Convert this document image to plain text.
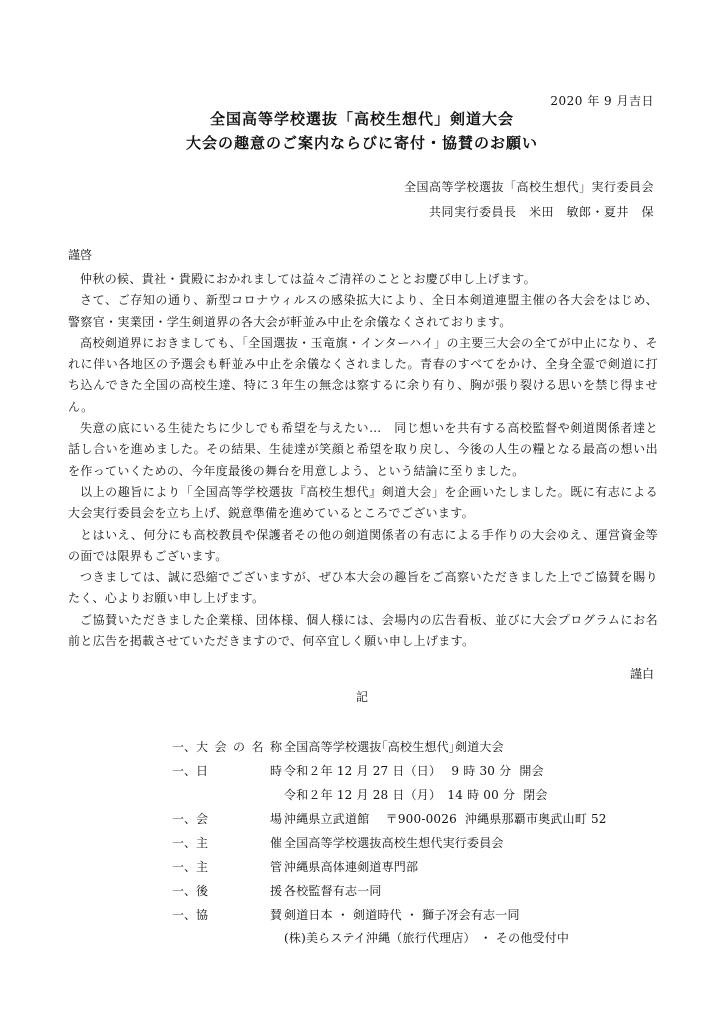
2020 年 9 月吉日
全国高等学校選抜「高校生想代」剣道大会
大会の趣意のご案内ならびに寄付・協賛のお願い
全国高等学校選抜「高校生想代」実行委員会
共同実行委員長　米田　敏郎・夏井　保
謹啓

仲秋の候、貴社・貴殿におかれましては益々ご清祥のこととお慶び申し上げます。

さて、ご存知の通り、新型コロナウィルスの感染拡大により、全日本剣道連盟主催の各大会をはじめ、警察官・実業団・学生剣道界の各大会が軒並み中止を余儀なくされております。

高校剣道界におきましても、「全国選抜・玉竜旗・インターハイ」の主要三大会の全てが中止になり、それに伴い各地区の予選会も軒並み中止を余儀なくされました。青春のすべてをかけ、全身全霊で剣道に打ち込んできた全国の高校生達、特に３年生の無念は察するに余り有り、胸が張り裂ける思いを禁じ得ません。

失意の底にいる生徒たちに少しでも希望を与えたい…　同じ想いを共有する高校監督や剣道関係者達と話し合いを進めました。その結果、生徒達が笑顔と希望を取り戻し、今後の人生の糧となる最高の想い出を作っていくための、今年度最後の舞台を用意しよう、という結論に至りました。

以上の趣旨により「全国高等学校選抜『高校生想代』剣道大会」を企画いたしました。既に有志による大会実行委員会を立ち上げ、鋭意準備を進めているところでございます。

とはいえ、何分にも高校教員や保護者その他の剣道関係者の有志による手作りの大会ゆえ、運営資金等の面では限界もございます。

つきましては、誠に恐縮でございますが、ぜひ本大会の趣旨をご高察いただきました上でご協賛を賜りたく、心よりお願い申し上げます。

ご協賛いただきました企業様、団体様、個人様には、会場内の広告看板、並びに大会プログラムにお名前と広告を掲載させていただきますので、何卒宜しく願い申し上げます。

謹白
記
一、 大 会 の 名 称 全国高等学校選抜｢高校生想代｣剣道大会
一、 日	時 令和２年 12 月 27 日（日）　 9 時 30 分  開会
令和２年 12 月 28 日（月）　14 時 00 分  閉会
一、 会	場 沖縄県立武道館　 〒900-0026  沖縄県那覇市奥武山町 52
一、 主	催 全国高等学校選抜高校生想代実行委員会
一、 主	管 沖縄県高体連剣道専門部
一、 後	援 各校監督有志一同
一、 協	賛 剣道日本 ・ 剣道時代 ・ 獅子冴会有志一同
(株)美らステイ沖縄（旅行代理店） ・ その他受付中
